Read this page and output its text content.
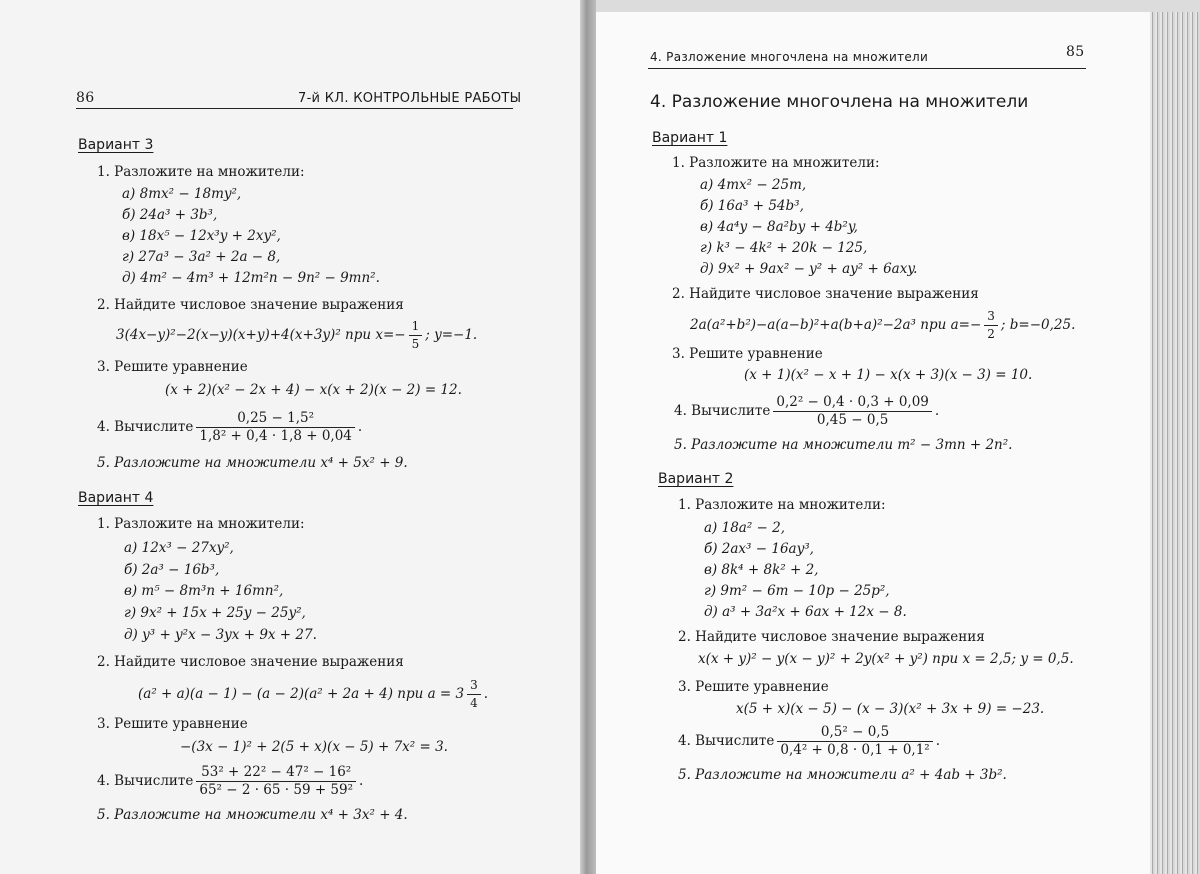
86	7-й КЛ. КОНТРОЛЬНЫЕ РАБОТЫ
Вариант 3
1. Разложите на множители:
а) 8mx² − 18my²,
б) 24a³ + 3b³,
в) 18x⁵ − 12x³y + 2xy²,
г) 27a³ − 3a² + 2a − 8,
д) 4m² − 4m³ + 12m²n − 9n² − 9mn².
2. Найдите числовое значение выражения
3(4x−y)²−2(x−y)(x+y)+4(x+3y)² при $x=- \frac{1}{5}$ ; y=−1.
3. Решите уравнение
(x + 2)(x² − 2x + 4) − x(x + 2)(x − 2) = 12.
4. Вычислите $\frac{\text{0,25 − 1,5²}}{\text{1,8² + 0,4 · 1,8 + 0,04}}$ .
5. Разложите на множители x⁴ + 5x² + 9.
Вариант 4
1. Разложите на множители:
а) 12x³ − 27xy²,
б) 2a³ − 16b³,
в) m⁵ − 8m³n + 16mn²,
г) 9x² + 15x + 25y − 25y²,
д) y³ + y²x − 3yx + 9x + 27.
2. Найдите числовое значение выражения
(a² + a)(a − 1) − (a − 2)(a² + 2a + 4) при $a = 3 \frac{3}{4}$ .
3. Решите уравнение
−(3x − 1)² + 2(5 + x)(x − 5) + 7x² = 3.
4. Вычислите $\frac{\text{53² + 22² − 47² − 16²}}{\text{65² − 2 · 65 · 59 + 59²}}$ .
5. Разложите на множители x⁴ + 3x² + 4.
4. Разложение многочлена на множители	85
4. Разложение многочлена на множители
Вариант 1
1. Разложите на множители:
а) 4mx² − 25m,
б) 16a³ + 54b³,
в) 4a⁴y − 8a²by + 4b²y,
г) k³ − 4k² + 20k − 125,
д) 9x² + 9ax² − y² + ay² + 6axy.
2. Найдите числовое значение выражения
2a(a²+b²)−a(a−b)²+a(b+a)²−2a³ при $a=- \frac{3}{2}$ ; b=−0,25.
3. Решите уравнение
(x + 1)(x² − x + 1) − x(x + 3)(x − 3) = 10.
4. Вычислите $\frac{\text{0,2² − 0,4 · 0,3 + 0,09}}{0,45 - 0,5}$ .
5. Разложите на множители m² − 3mn + 2n².
Вариант 2
1. Разложите на множители:
а) 18a² − 2,
б) 2ax³ − 16ay³,
в) 8k⁴ + 8k² + 2,
г) 9m² − 6m − 10p − 25p²,
д) a³ + 3a²x + 6ax + 12x − 8.
2. Найдите числовое значение выражения
x(x + y)² − y(x − y)² + 2y(x² + y²) при x = 2,5; y = 0,5.
3. Решите уравнение
x(5 + x)(x − 5) − (x − 3)(x² + 3x + 9) = −23.
4. Вычислите $\frac{\text{0,5² − 0,5}}{\text{0,4² + 0,8 · 0,1 + 0,1²}}$ .
5. Разложите на множители a² + 4ab + 3b².
